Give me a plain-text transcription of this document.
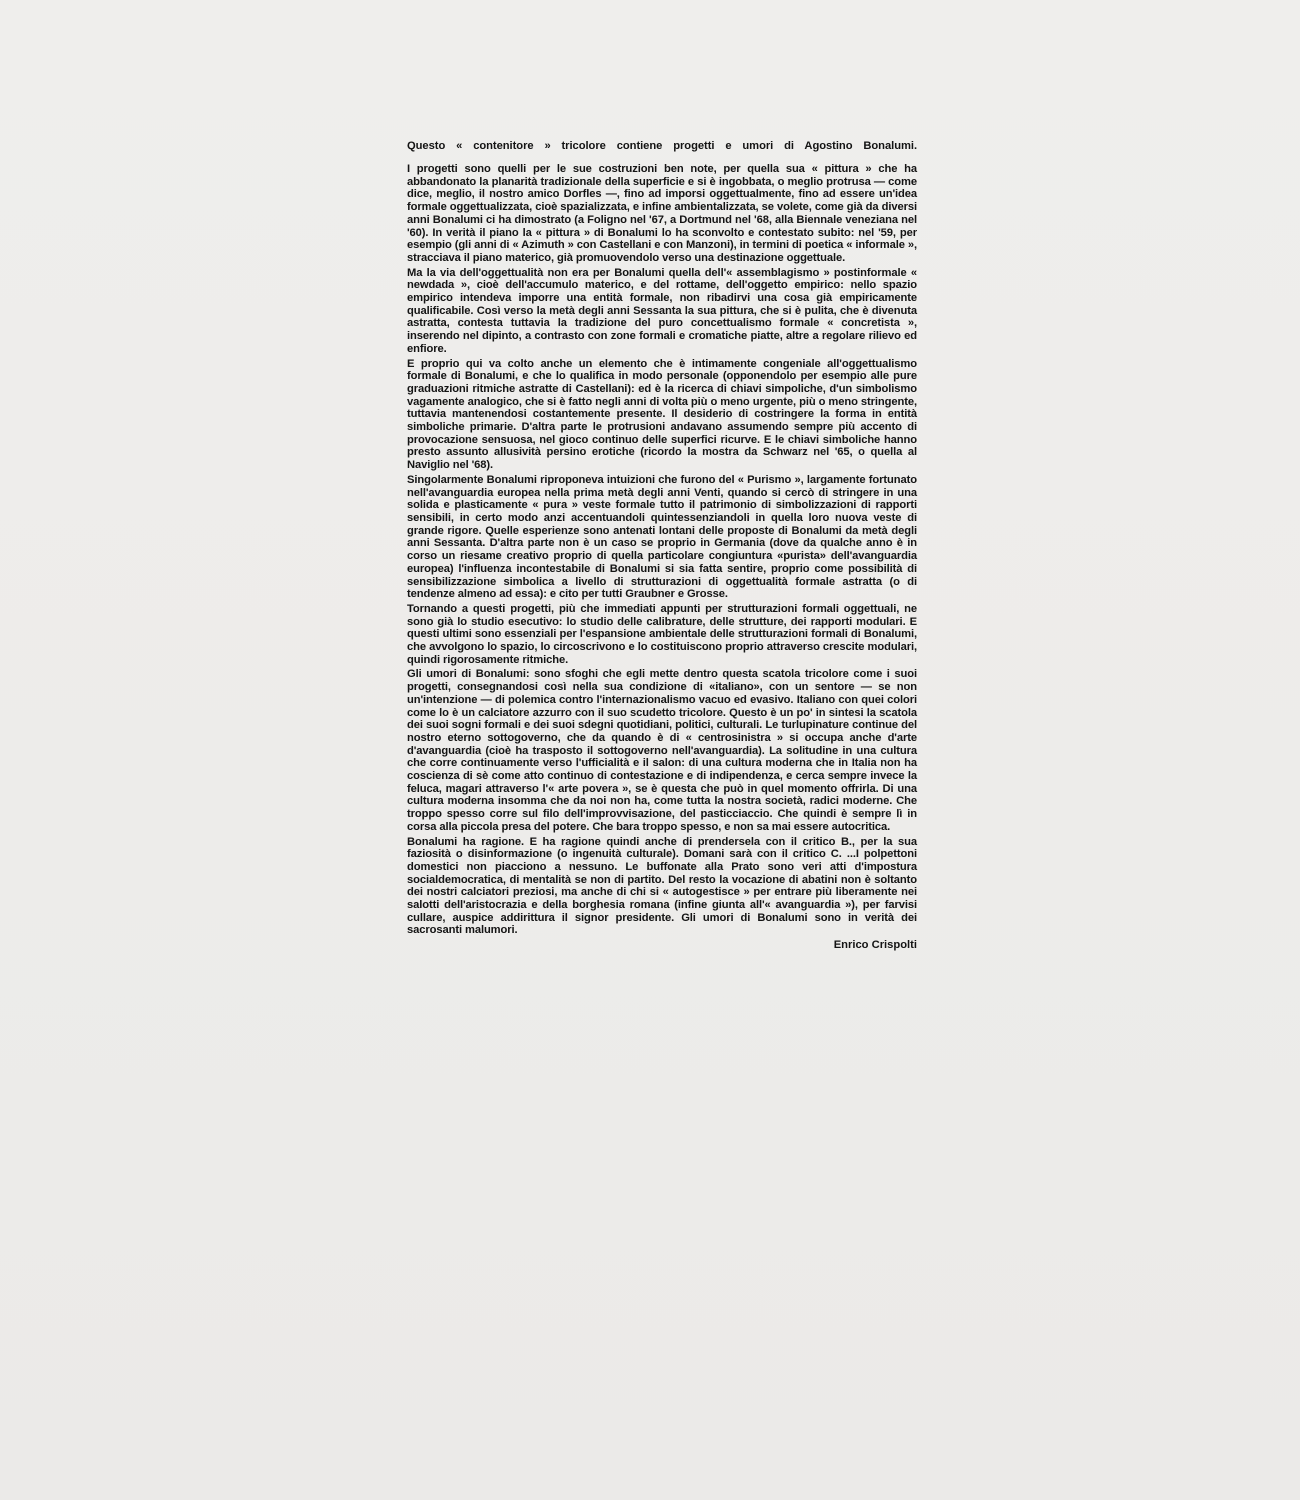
Questo « contenitore » tricolore contiene progetti e umori di Agostino Bonalumi.

I progetti sono quelli per le sue costruzioni ben note, per quella sua « pittura » che ha abbandonato la planarità tradizionale della superficie e si è ingobbata, o meglio protrusa — come dice, meglio, il nostro amico Dorfles —, fino ad imporsi oggettualmente, fino ad essere un'idea formale oggettualizzata, cioè spazializzata, e infine ambientalizzata, se volete, come già da diversi anni Bonalumi ci ha dimostrato (a Foligno nel '67, a Dortmund nel '68, alla Biennale veneziana nel '60). In verità il piano la « pittura » di Bonalumi lo ha sconvolto e contestato subito: nel '59, per esempio (gli anni di « Azimuth » con Castellani e con Manzoni), in termini di poetica « informale », stracciava il piano materico, già promuovendolo verso una destinazione oggettuale.

Ma la via dell'oggettualità non era per Bonalumi quella dell'« assemblagismo » postinformale « newdada », cioè dell'accumulo materico, e del rottame, dell'oggetto empirico: nello spazio empirico intendeva imporre una entità formale, non ribadirvi una cosa già empiricamente qualificabile. Così verso la metà degli anni Sessanta la sua pittura, che si è pulita, che è divenuta astratta, contesta tuttavia la tradizione del puro concettualismo formale « concretista », inserendo nel dipinto, a contrasto con zone formali e cromatiche piatte, altre a regolare rilievo ed enfiore.

E proprio qui va colto anche un elemento che è intimamente congeniale all'oggettualismo formale di Bonalumi, e che lo qualifica in modo personale (opponendolo per esempio alle pure graduazioni ritmiche astratte di Castellani): ed è la ricerca di chiavi simpoliche, d'un simbolismo vagamente analogico, che si è fatto negli anni di volta più o meno urgente, più o meno stringente, tuttavia mantenendosi costantemente presente. Il desiderio di costringere la forma in entità simboliche primarie. D'altra parte le protrusioni andavano assumendo sempre più accento di provocazione sensuosa, nel gioco continuo delle superfici ricurve. E le chiavi simboliche hanno presto assunto allusività persino erotiche (ricordo la mostra da Schwarz nel '65, o quella al Naviglio nel '68).

Singolarmente Bonalumi riproponeva intuizioni che furono del « Purismo », largamente fortunato nell'avanguardia europea nella prima metà degli anni Venti, quando si cercò di stringere in una solida e plasticamente « pura » veste formale tutto il patrimonio di simbolizzazioni di rapporti sensibili, in certo modo anzi accentuandoli quintessenziandoli in quella loro nuova veste di grande rigore. Quelle esperienze sono antenati lontani delle proposte di Bonalumi da metà degli anni Sessanta. D'altra parte non è un caso se proprio in Germania (dove da qualche anno è in corso un riesame creativo proprio di quella particolare congiuntura «purista» dell'avanguardia europea) l'influenza incontestabile di Bonalumi si sia fatta sentire, proprio come possibilità di sensibilizzazione simbolica a livello di strutturazioni di oggettualità formale astratta (o di tendenze almeno ad essa): e cito per tutti Graubner e Grosse.

Tornando a questi progetti, più che immediati appunti per strutturazioni formali oggettuali, ne sono già lo studio esecutivo: lo studio delle calibrature, delle strutture, dei rapporti modulari. E questi ultimi sono essenziali per l'espansione ambientale delle strutturazioni formali di Bonalumi, che avvolgono lo spazio, lo circoscrivono e lo costituiscono proprio attraverso crescite modulari, quindi rigorosamente ritmiche.

Gli umori di Bonalumi: sono sfoghi che egli mette dentro questa scatola tricolore come i suoi progetti, consegnandosi così nella sua condizione di «italiano», con un sentore — se non un'intenzione — di polemica contro l'internazionalismo vacuo ed evasivo. Italiano con quei colori come lo è un calciatore azzurro con il suo scudetto tricolore. Questo è un po' in sintesi la scatola dei suoi sogni formali e dei suoi sdegni quotidiani, politici, culturali. Le turlupinature continue del nostro eterno sottogoverno, che da quando è di « centrosinistra » si occupa anche d'arte d'avanguardia (cioè ha trasposto il sottogoverno nell'avanguardia). La solitudine in una cultura che corre continuamente verso l'ufficialità e il salon: di una cultura moderna che in Italia non ha coscienza di sè come atto continuo di contestazione e di indipendenza, e cerca sempre invece la feluca, magari attraverso l'« arte povera », se è questa che può in quel momento offrirla. Di una cultura moderna insomma che da noi non ha, come tutta la nostra società, radici moderne. Che troppo spesso corre sul filo dell'improvvisazione, del pasticciaccio. Che quindi è sempre lì in corsa alla piccola presa del potere. Che bara troppo spesso, e non sa mai essere autocritica.

Bonalumi ha ragione. E ha ragione quindi anche di prendersela con il critico B., per la sua faziosità o disinformazione (o ingenuità culturale). Domani sarà con il critico C. ...I polpettoni domestici non piacciono a nessuno. Le buffonate alla Prato sono veri atti d'impostura socialdemocratica, di mentalità se non di partito. Del resto la vocazione di abatini non è soltanto dei nostri calciatori preziosi, ma anche di chi si « autogestisce » per entrare più liberamente nei salotti dell'aristocrazia e della borghesia romana (infine giunta all'« avanguardia »), per farvisi cullare, auspice addirittura il signor presidente. Gli umori di Bonalumi sono in verità dei sacrosanti malumori.

Enrico Crispolti
